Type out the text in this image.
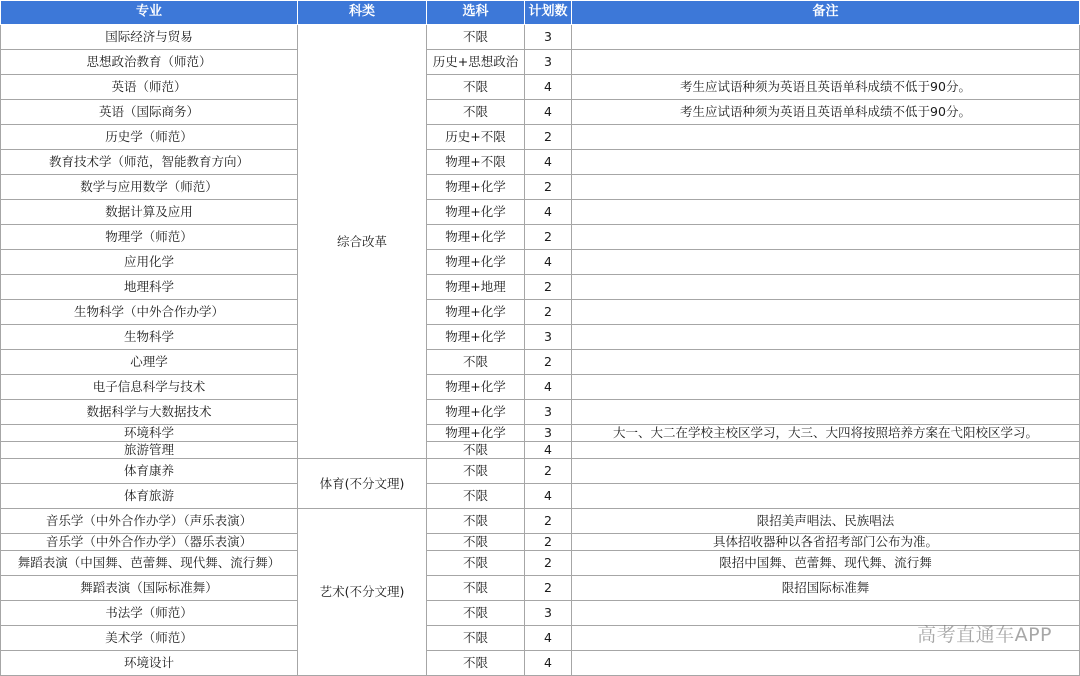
专业	科类	选科	计划数	备注
国际经济与贸易	综合改革	不限	3	
思想政治教育（师范）		历史+思想政治	3	
英语（师范）		不限	4	考生应试语种须为英语且英语单科成绩不低于90分。
英语（国际商务）		不限	4	考生应试语种须为英语且英语单科成绩不低于90分。
历史学（师范）		历史+不限	2	
教育技术学（师范，智能教育方向）		物理+不限	4	
数学与应用数学（师范）		物理+化学	2	
数据计算及应用		物理+化学	4	
物理学（师范）		物理+化学	2	
应用化学		物理+化学	4	
地理科学		物理+地理	2	
生物科学（中外合作办学）		物理+化学	2	
生物科学		物理+化学	3	
心理学		不限	2	
电子信息科学与技术		物理+化学	4	
数据科学与大数据技术		物理+化学	3	
环境科学		物理+化学	3	大一、大二在学校主校区学习，大三、大四将按照培养方案在弋阳校区学习。
旅游管理		不限	4	
体育康养	体育(不分文理)	不限	2	
体育旅游		不限	4	
音乐学（中外合作办学）（声乐表演）	艺术(不分文理)	不限	2	限招美声唱法、民族唱法
音乐学（中外合作办学）（器乐表演）		不限	2	具体招收器种以各省招考部门公布为准。
舞蹈表演（中国舞、芭蕾舞、现代舞、流行舞）		不限	2	限招中国舞、芭蕾舞、现代舞、流行舞
舞蹈表演（国际标准舞）		不限	2	限招国际标准舞
书法学（师范）		不限	3	
美术学（师范）		不限	4	
环境设计		不限	4	
高考直通车APP
